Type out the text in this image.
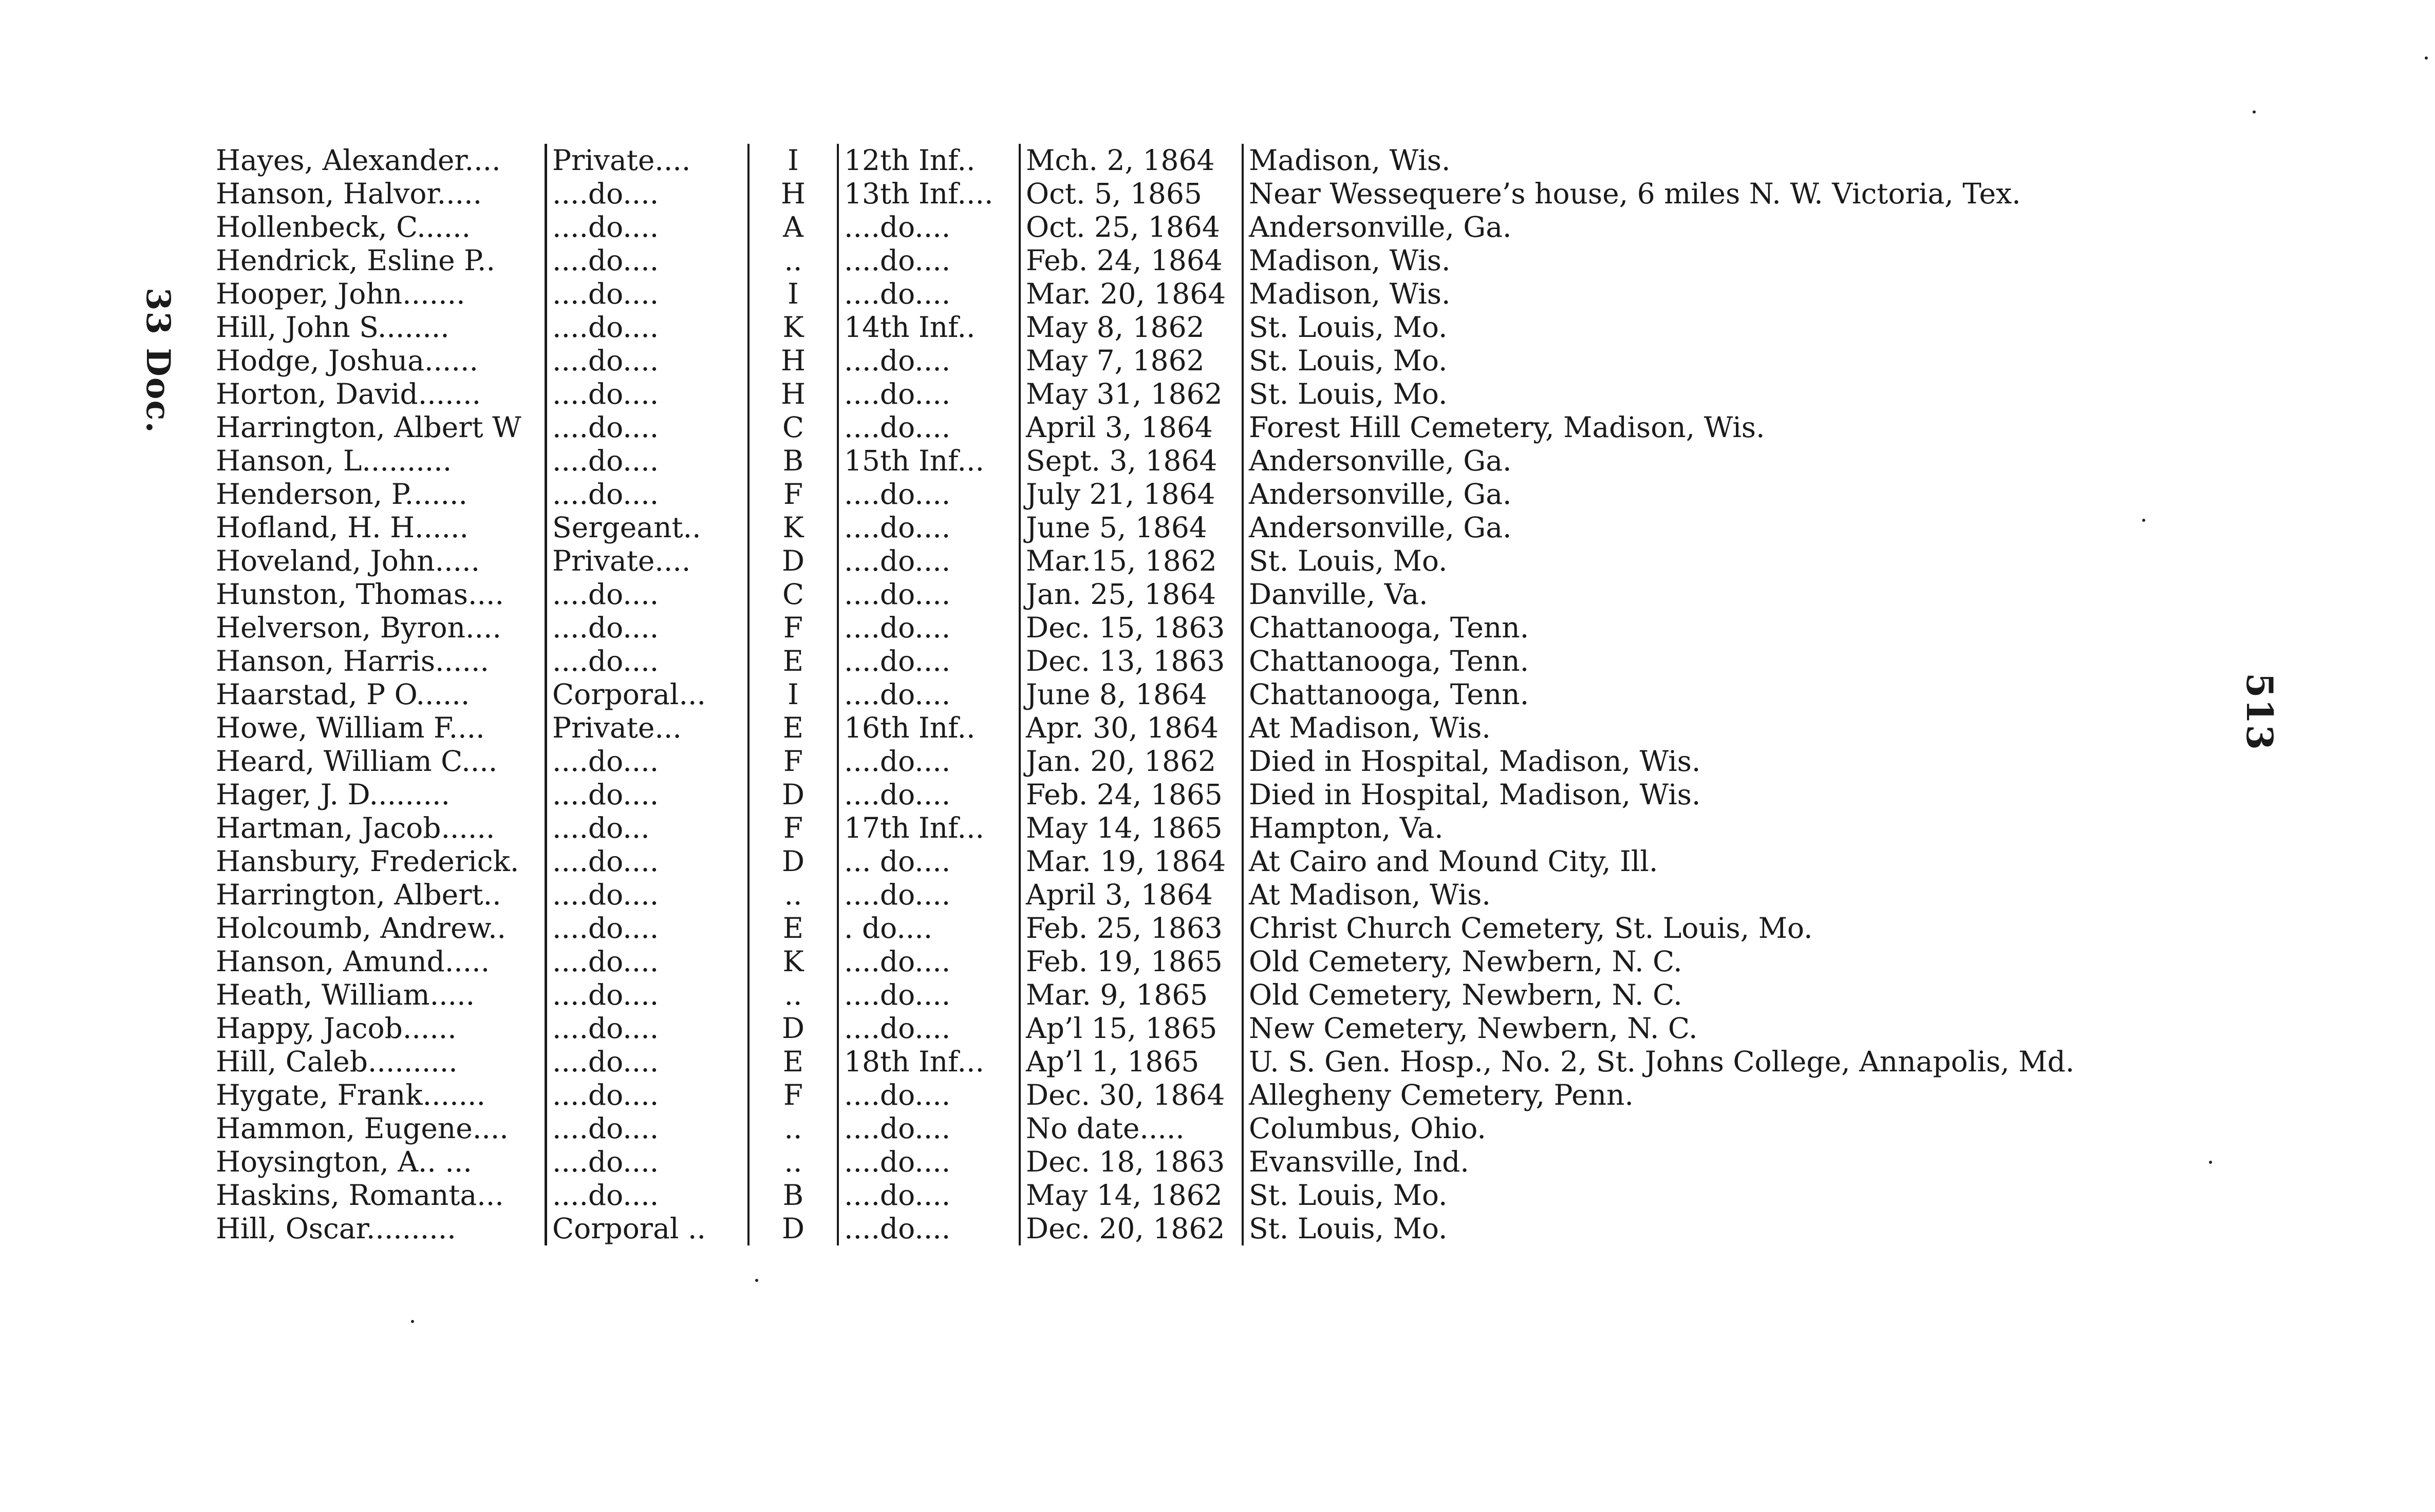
33 Doc.
513
Hayes, Alexander....	Private....	I	12th Inf..	Mch. 2, 1864	Madison, Wis.
Hanson, Halvor.....	....do....	H	13th Inf....	Oct. 5, 1865	Near Wessequere’s house, 6 miles N. W. Victoria, Tex.
Hollenbeck, C......	....do....	A	....do....	Oct. 25, 1864	Andersonville, Ga.
Hendrick, Esline P..	....do....	..	....do....	Feb. 24, 1864	Madison, Wis.
Hooper, John.......	....do....	I	....do....	Mar. 20, 1864	Madison, Wis.
Hill, John S........	....do....	K	14th Inf..	May 8, 1862	St. Louis, Mo.
Hodge, Joshua......	....do....	H	....do....	May 7, 1862	St. Louis, Mo.
Horton, David.......	....do....	H	....do....	May 31, 1862	St. Louis, Mo.
Harrington, Albert W	....do....	C	....do....	April 3, 1864	Forest Hill Cemetery, Madison, Wis.
Hanson, L..........	....do....	B	15th Inf...	Sept. 3, 1864	Andersonville, Ga.
Henderson, P.......	....do....	F	....do....	July 21, 1864	Andersonville, Ga.
Hofland, H. H......	Sergeant..	K	....do....	June 5, 1864	Andersonville, Ga.
Hoveland, John.....	Private....	D	....do....	Mar.15, 1862	St. Louis, Mo.
Hunston, Thomas....	....do....	C	....do....	Jan. 25, 1864	Danville, Va.
Helverson, Byron....	....do....	F	....do....	Dec. 15, 1863	Chattanooga, Tenn.
Hanson, Harris......	....do....	E	....do....	Dec. 13, 1863	Chattanooga, Tenn.
Haarstad, P O......	Corporal...	I	....do....	June 8, 1864	Chattanooga, Tenn.
Howe, William F....	Private...	E	16th Inf..	Apr. 30, 1864	At Madison, Wis.
Heard, William C....	....do....	F	....do....	Jan. 20, 1862	Died in Hospital, Madison, Wis.
Hager, J. D.........	....do....	D	....do....	Feb. 24, 1865	Died in Hospital, Madison, Wis.
Hartman, Jacob......	....do...	F	17th Inf...	May 14, 1865	Hampton, Va.
Hansbury, Frederick.	....do....	D	... do....	Mar. 19, 1864	At Cairo and Mound City, Ill.
Harrington, Albert..	....do....	..	....do....	April 3, 1864	At Madison, Wis.
Holcoumb, Andrew..	....do....	E	. do....	Feb. 25, 1863	Christ Church Cemetery, St. Louis, Mo.
Hanson, Amund.....	....do....	K	....do....	Feb. 19, 1865	Old Cemetery, Newbern, N. C.
Heath, William.....	....do....	..	....do....	Mar. 9, 1865	Old Cemetery, Newbern, N. C.
Happy, Jacob......	....do....	D	....do....	Ap’l 15, 1865	New Cemetery, Newbern, N. C.
Hill, Caleb..........	....do....	E	18th Inf...	Ap’l 1, 1865	U. S. Gen. Hosp., No. 2, St. Johns College, Annapolis, Md.
Hygate, Frank.......	....do....	F	....do....	Dec. 30, 1864	Allegheny Cemetery, Penn.
Hammon, Eugene....	....do....	..	....do....	No date.....	Columbus, Ohio.
Hoysington, A.. ...	....do....	..	....do....	Dec. 18, 1863	Evansville, Ind.
Haskins, Romanta...	....do....	B	....do....	May 14, 1862	St. Louis, Mo.
Hill, Oscar..........	Corporal ..	D	....do....	Dec. 20, 1862	St. Louis, Mo.
